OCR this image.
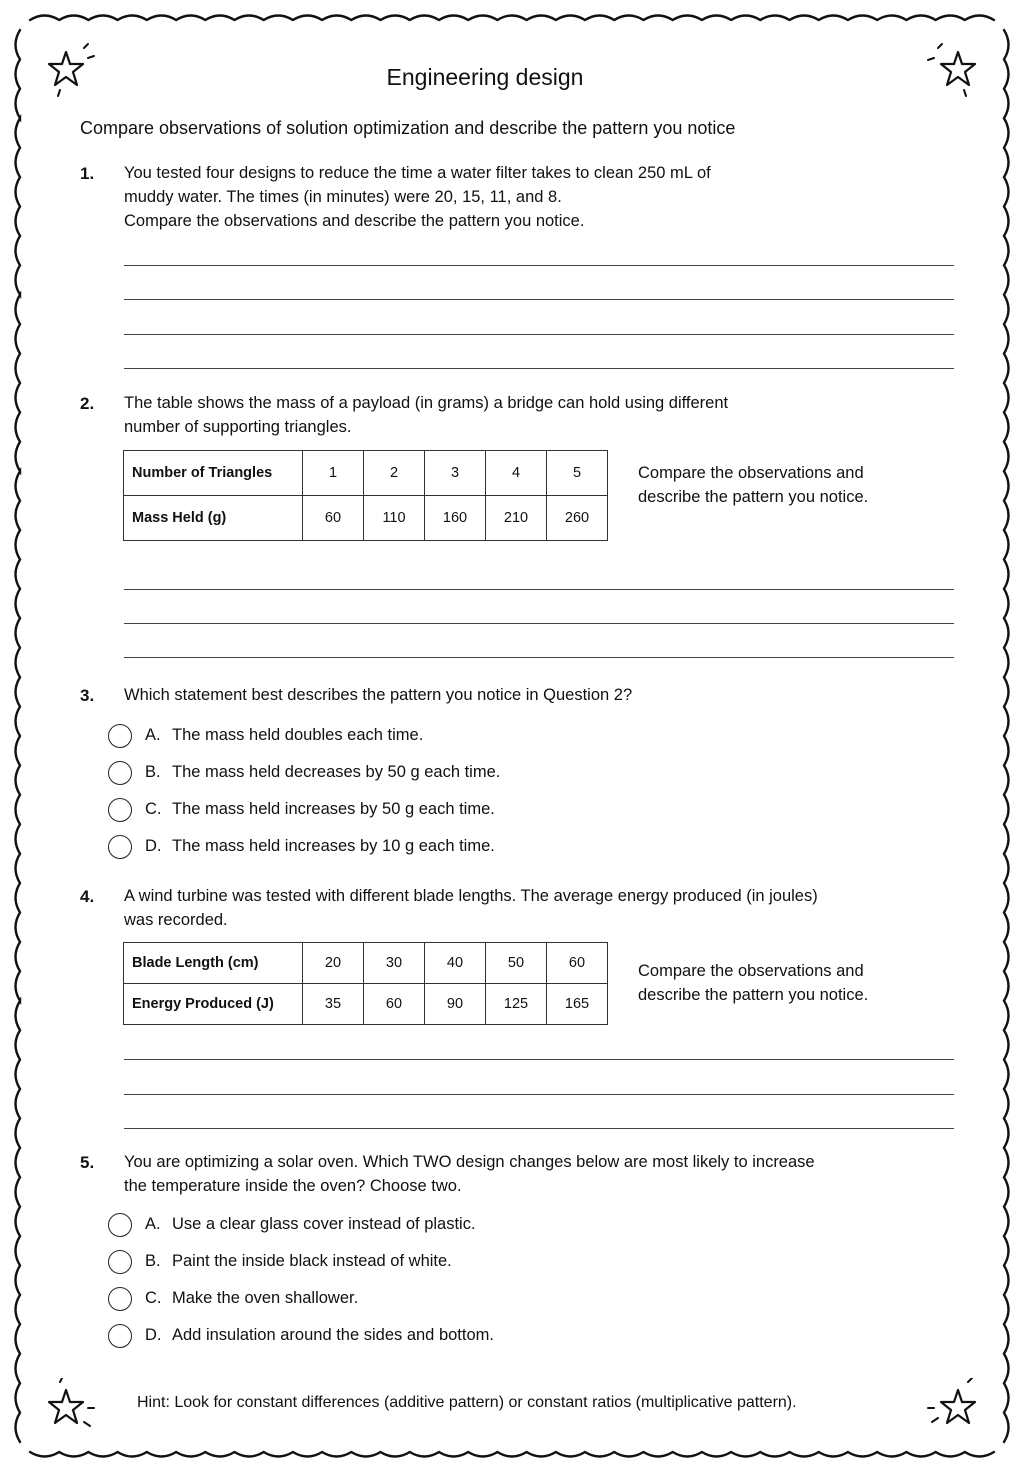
Engineering design
Compare observations of solution optimization and describe the pattern you notice
1. You tested four designs to reduce the time a water filter takes to clean 250 mL of
muddy water. The times (in minutes) were 20, 15, 11, and 8.
Compare the observations and describe the pattern you notice.
2. The table shows the mass of a payload (in grams) a bridge can hold using different
number of supporting triangles.
Number of Triangles	1	2	3	4	5
Mass Held (g)	60	110	160	210	260
Compare the observations and
describe the pattern you notice.
3. Which statement best describes the pattern you notice in Question 2?
A. The mass held doubles each time.
B. The mass held decreases by 50 g each time.
C. The mass held increases by 50 g each time.
D. The mass held increases by 10 g each time.
4. A wind turbine was tested with different blade lengths. The average energy produced (in joules)
was recorded.
Blade Length (cm)	20	30	40	50	60
Energy Produced (J)	35	60	90	125	165
Compare the observations and
describe the pattern you notice.
5. You are optimizing a solar oven. Which TWO design changes below are most likely to increase
the temperature inside the oven? Choose two.
A. Use a clear glass cover instead of plastic.
B. Paint the inside black instead of white.
C. Make the oven shallower.
D. Add insulation around the sides and bottom.
Hint: Look for constant differences (additive pattern) or constant ratios (multiplicative pattern).
